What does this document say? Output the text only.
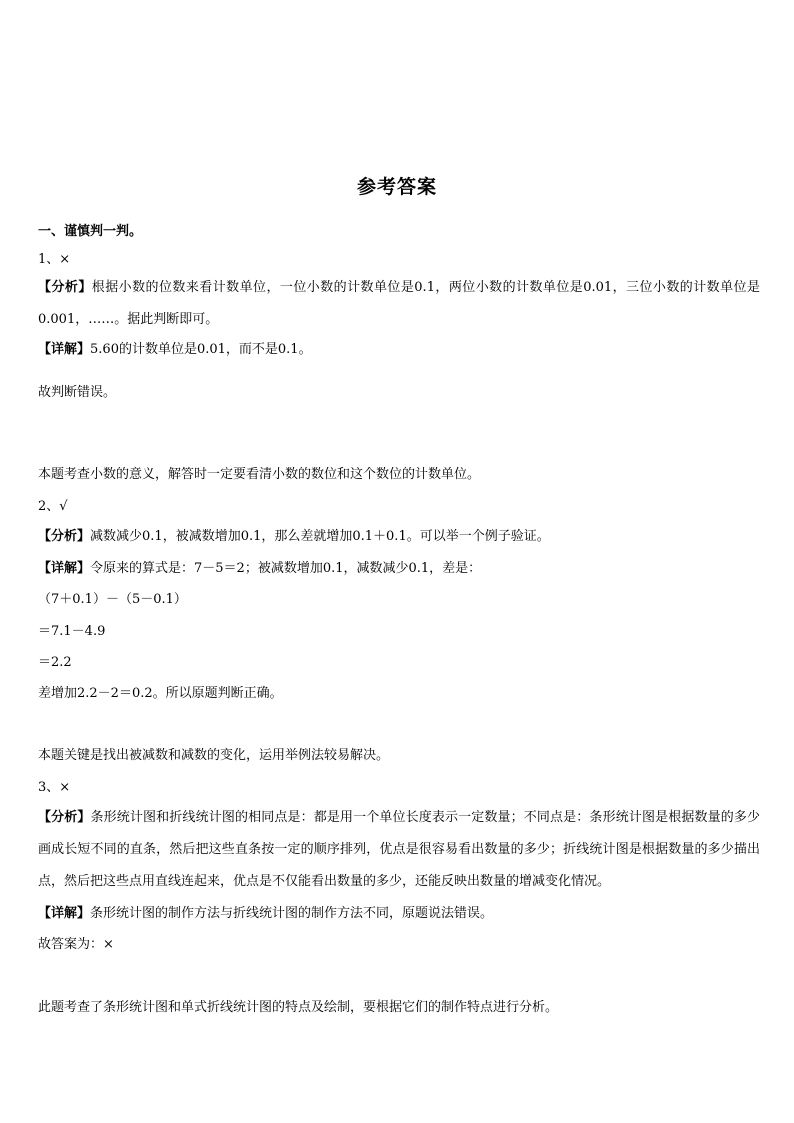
参考答案
一、谨慎判一判。
1、×
【分析】根据小数的位数来看计数单位，一位小数的计数单位是0.1，两位小数的计数单位是0.01，三位小数的计数单位是0.001，……。据此判断即可。
【详解】5.60的计数单位是0.01，而不是0.1。
故判断错误。
本题考查小数的意义，解答时一定要看清小数的数位和这个数位的计数单位。
2、√
【分析】减数减少0.1，被减数增加0.1，那么差就增加0.1＋0.1。可以举一个例子验证。
【详解】令原来的算式是：7－5＝2；被减数增加0.1，减数减少0.1，差是：
（7＋0.1）－（5－0.1）
＝7.1－4.9
＝2.2
差增加2.2－2＝0.2。所以原题判断正确。
本题关键是找出被减数和减数的变化，运用举例法较易解决。
3、×
【分析】条形统计图和折线统计图的相同点是：都是用一个单位长度表示一定数量；不同点是：条形统计图是根据数量的多少画成长短不同的直条，然后把这些直条按一定的顺序排列，优点是很容易看出数量的多少；折线统计图是根据数量的多少描出点，然后把这些点用直线连起来，优点是不仅能看出数量的多少，还能反映出数量的增减变化情况。
【详解】条形统计图的制作方法与折线统计图的制作方法不同，原题说法错误。
故答案为：×
此题考查了条形统计图和单式折线统计图的特点及绘制，要根据它们的制作特点进行分析。
